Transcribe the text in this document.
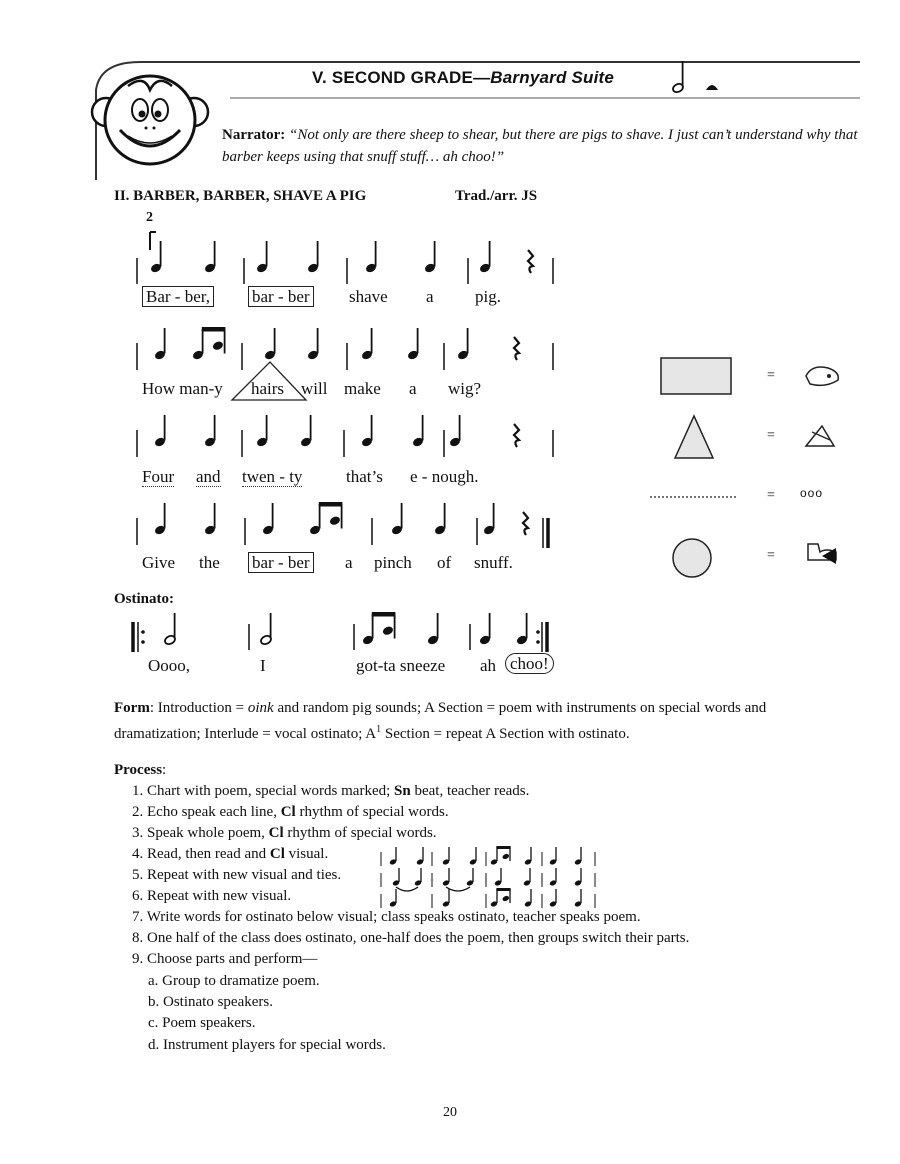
V. SECOND GRADE—Barnyard Suite
Narrator: “Not only are there sheep to shear, but there are pigs to shave. I just can’t understand why that barber keeps using that snuff stuff… ah choo!”
II. BARBER, BARBER, SHAVE A PIG	Trad./arr. JS
2
Bar - ber, bar - ber shave a pig.
How man-y hairs will make a wig?
Four and twen - ty	that’s e - nough.
Give the bar - ber a pinch of snuff.
=
=
= ooo
=
Ostinato:
Oooo,	I	got-ta sneeze ah choo!
Form: Introduction = oink and random pig sounds; A Section = poem with instruments on special words and dramatization; Interlude = vocal ostinato; $A^1$ Section = repeat A Section with ostinato.
Process:
1. Chart with poem, special words marked; Sn beat, teacher reads.
2. Echo speak each line, Cl rhythm of special words.
3. Speak whole poem, Cl rhythm of special words.
4. Read, then read and Cl visual.
5. Repeat with new visual and ties.
6. Repeat with new visual.
7. Write words for ostinato below visual; class speaks ostinato, teacher speaks poem.
8. One half of the class does ostinato, one-half does the poem, then groups switch their parts.
9. Choose parts and perform—
a. Group to dramatize poem.
b. Ostinato speakers.
c. Poem speakers.
d. Instrument players for special words.
20
